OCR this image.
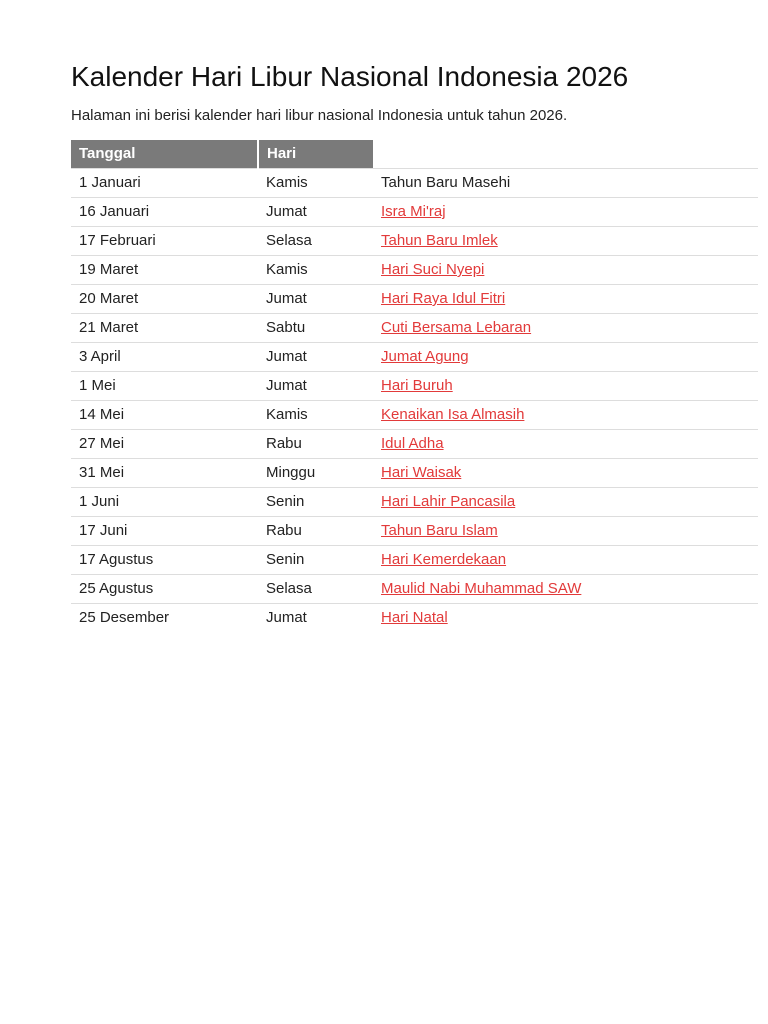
Kalender Hari Libur Nasional Indonesia 2026

Halaman ini berisi kalender hari libur nasional Indonesia untuk tahun 2026.

Tanggal	Hari	
1 Januari	Kamis	Tahun Baru Masehi
16 Januari	Jumat	Isra Mi'raj
17 Februari	Selasa	Tahun Baru Imlek
19 Maret	Kamis	Hari Suci Nyepi
20 Maret	Jumat	Hari Raya Idul Fitri
21 Maret	Sabtu	Cuti Bersama Lebaran
3 April	Jumat	Jumat Agung
1 Mei	Jumat	Hari Buruh
14 Mei	Kamis	Kenaikan Isa Almasih
27 Mei	Rabu	Idul Adha
31 Mei	Minggu	Hari Waisak
1 Juni	Senin	Hari Lahir Pancasila
17 Juni	Rabu	Tahun Baru Islam
17 Agustus	Senin	Hari Kemerdekaan
25 Agustus	Selasa	Maulid Nabi Muhammad SAW
25 Desember	Jumat	Hari Natal
